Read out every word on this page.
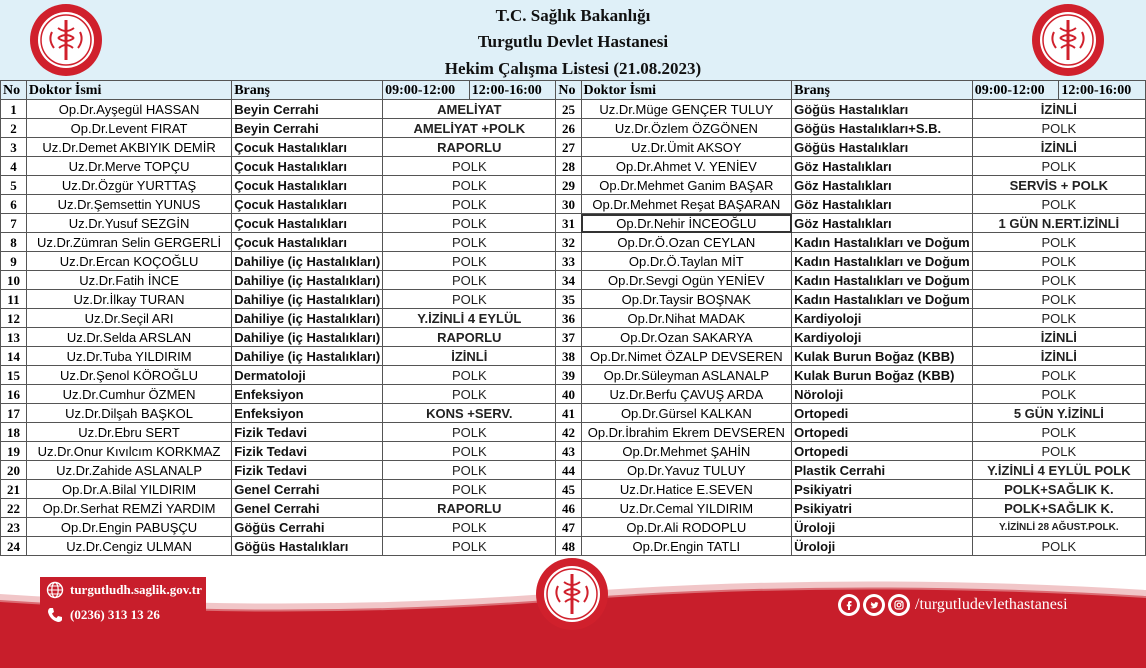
T.C. Sağlık Bakanlığı
Turgutlu Devlet Hastanesi
Hekim Çalışma Listesi (21.08.2023)
No	Doktor İsmi	Branş	09:00-12:00	12:00-16:00	No	Doktor İsmi	Branş	09:00-12:00	12:00-16:00
1	Op.Dr.Ayşegül HASSAN	Beyin Cerrahi	AMELİYAT		25	Uz.Dr.Müge GENÇER TULUY	Göğüs Hastalıkları	İZİNLİ	
2	Op.Dr.Levent FIRAT	Beyin Cerrahi	AMELİYAT +POLK		26	Uz.Dr.Özlem ÖZGÖNEN	Göğüs Hastalıkları+S.B.	POLK	
3	Uz.Dr.Demet AKBIYIK DEMİR	Çocuk Hastalıkları	RAPORLU		27	Uz.Dr.Ümit AKSOY	Göğüs Hastalıkları	İZİNLİ	
4	Uz.Dr.Merve TOPÇU	Çocuk Hastalıkları	POLK		28	Op.Dr.Ahmet V. YENİEV	Göz Hastalıkları	POLK	
5	Uz.Dr.Özgür YURTTAŞ	Çocuk Hastalıkları	POLK		29	Op.Dr.Mehmet Ganim BAŞAR	Göz Hastalıkları	SERVİS + POLK	
6	Uz.Dr.Şemsettin YUNUS	Çocuk Hastalıkları	POLK		30	Op.Dr.Mehmet Reşat BAŞARAN	Göz Hastalıkları	POLK	
7	Uz.Dr.Yusuf SEZGİN	Çocuk Hastalıkları	POLK		31	Op.Dr.Nehir İNCEOĞLU	Göz Hastalıkları	1 GÜN N.ERT.İZİNLİ	
8	Uz.Dr.Zümran Selin GERGERLİ	Çocuk Hastalıkları	POLK		32	Op.Dr.Ö.Ozan CEYLAN	Kadın Hastalıkları ve Doğum	POLK	
9	Uz.Dr.Ercan KOÇOĞLU	Dahiliye (iç Hastalıkları)	POLK		33	Op.Dr.Ö.Taylan MİT	Kadın Hastalıkları ve Doğum	POLK	
10	Uz.Dr.Fatih İNCE	Dahiliye (iç Hastalıkları)	POLK		34	Op.Dr.Sevgi Ogün YENİEV	Kadın Hastalıkları ve Doğum	POLK	
11	Uz.Dr.İlkay TURAN	Dahiliye (iç Hastalıkları)	POLK		35	Op.Dr.Taysir BOŞNAK	Kadın Hastalıkları ve Doğum	POLK	
12	Uz.Dr.Seçil ARI	Dahiliye (iç Hastalıkları)	Y.İZİNLİ 4 EYLÜL		36	Op.Dr.Nihat MADAK	Kardiyoloji	POLK	
13	Uz.Dr.Selda ARSLAN	Dahiliye (iç Hastalıkları)	RAPORLU		37	Op.Dr.Ozan SAKARYA	Kardiyoloji	İZİNLİ	
14	Uz.Dr.Tuba YILDIRIM	Dahiliye (iç Hastalıkları)	İZİNLİ		38	Op.Dr.Nimet ÖZALP DEVSEREN	Kulak Burun Boğaz (KBB)	İZİNLİ	
15	Uz.Dr.Şenol KÖROĞLU	Dermatoloji	POLK		39	Op.Dr.Süleyman ASLANALP	Kulak Burun Boğaz (KBB)	POLK	
16	Uz.Dr.Cumhur ÖZMEN	Enfeksiyon	POLK		40	Uz.Dr.Berfu ÇAVUŞ ARDA	Nöroloji	POLK	
17	Uz.Dr.Dilşah BAŞKOL	Enfeksiyon	KONS +SERV.		41	Op.Dr.Gürsel KALKAN	Ortopedi	5 GÜN Y.İZİNLİ	
18	Uz.Dr.Ebru SERT	Fizik Tedavi	POLK		42	Op.Dr.İbrahim Ekrem DEVSEREN	Ortopedi	POLK	
19	Uz.Dr.Onur Kıvılcım KORKMAZ	Fizik Tedavi	POLK		43	Op.Dr.Mehmet ŞAHİN	Ortopedi	POLK	
20	Uz.Dr.Zahide ASLANALP	Fizik Tedavi	POLK		44	Op.Dr.Yavuz TULUY	Plastik Cerrahi	Y.İZİNLİ 4 EYLÜL POLK	
21	Op.Dr.A.Bilal YILDIRIM	Genel Cerrahi	POLK		45	Uz.Dr.Hatice E.SEVEN	Psikiyatri	POLK+SAĞLIK K.	
22	Op.Dr.Serhat REMZİ YARDIM	Genel Cerrahi	RAPORLU		46	Uz.Dr.Cemal YILDIRIM	Psikiyatri	POLK+SAĞLIK K.	
23	Op.Dr.Engin PABUŞÇU	Göğüs Cerrahi	POLK		47	Op.Dr.Ali RODOPLU	Üroloji	Y.İZİNLİ 28 AĞUST.POLK.	
24	Uz.Dr.Cengiz ULMAN	Göğüs Hastalıkları	POLK		48	Op.Dr.Engin TATLI	Üroloji	POLK	
turgutludh.saglik.gov.tr
(0236) 313 13 26
/turgutludevlethastanesi
